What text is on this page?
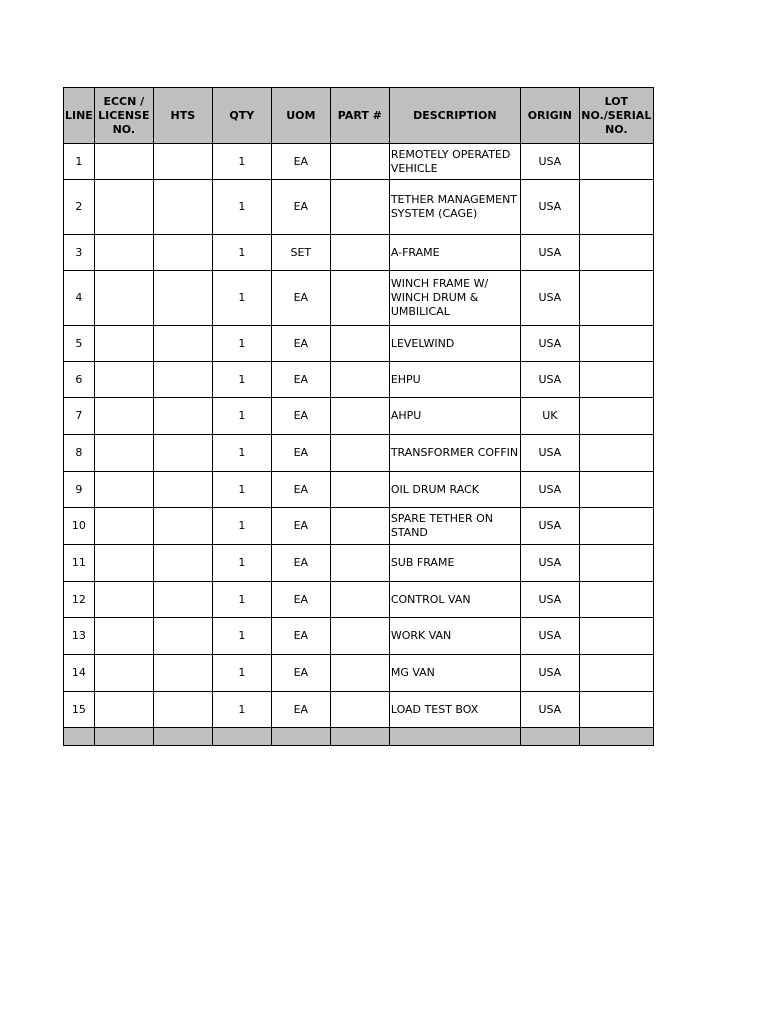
LINE	ECCN / LICENSE NO.	HTS	QTY	UOM	PART #	DESCRIPTION	ORIGIN	LOT NO./SERIAL NO.
1			1	EA		REMOTELY OPERATED VEHICLE	USA	
2			1	EA		TETHER MANAGEMENT SYSTEM (CAGE)	USA	
3			1	SET		A-FRAME	USA	
4			1	EA		WINCH FRAME W/ WINCH DRUM & UMBILICAL	USA	
5			1	EA		LEVELWIND	USA	
6			1	EA		EHPU	USA	
7			1	EA		AHPU	UK	
8			1	EA		TRANSFORMER COFFIN	USA	
9			1	EA		OIL DRUM RACK	USA	
10			1	EA		SPARE TETHER ON STAND	USA	
11			1	EA		SUB FRAME	USA	
12			1	EA		CONTROL VAN	USA	
13			1	EA		WORK VAN	USA	
14			1	EA		MG VAN	USA	
15			1	EA		LOAD TEST BOX	USA	
